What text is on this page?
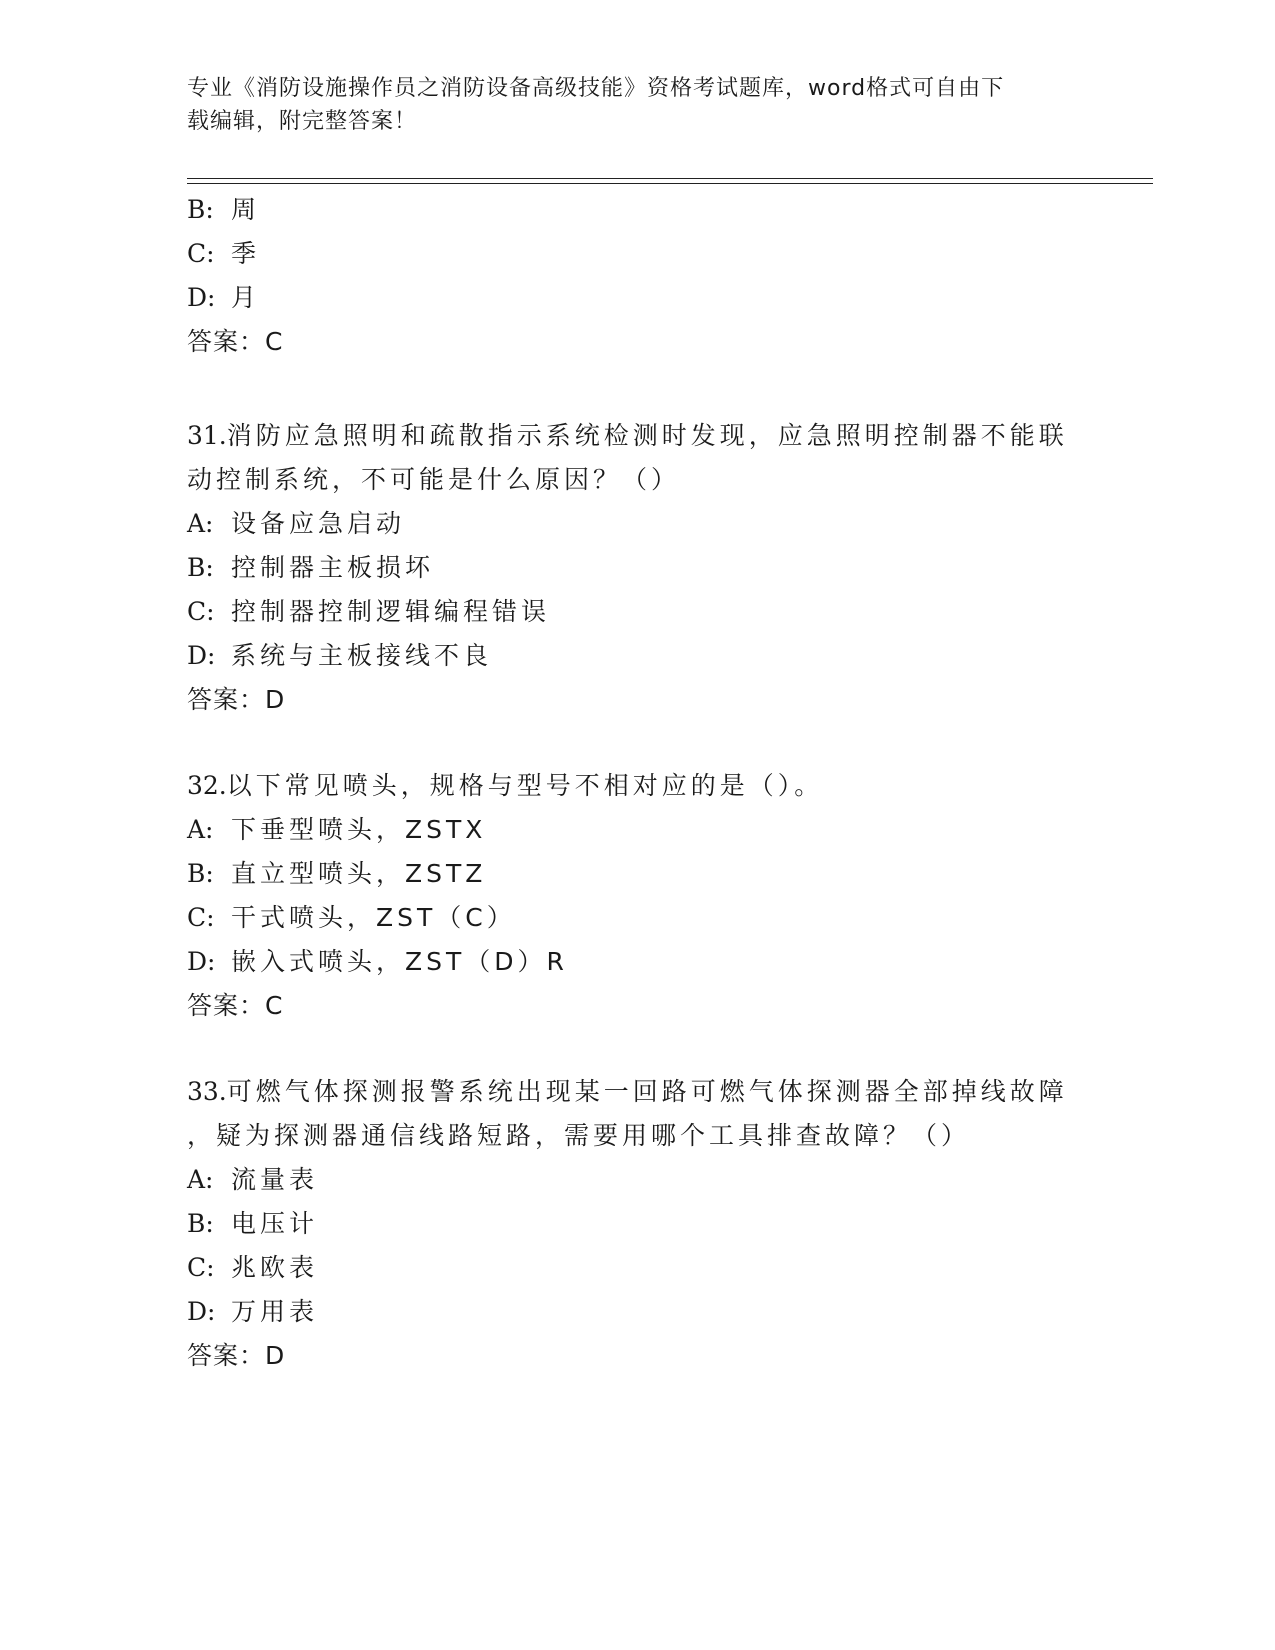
专业《消防设施操作员之消防设备高级技能》资格考试题库，word格式可自由下
载编辑，附完整答案！
B: 周
C: 季
D: 月
答案：C
31.消防应急照明和疏散指示系统检测时发现，应急照明控制器不能联
动控制系统，不可能是什么原因？（）
A: 设备应急启动
B: 控制器主板损坏
C: 控制器控制逻辑编程错误
D: 系统与主板接线不良
答案：D
32.以下常见喷头，规格与型号不相对应的是（）。
A: 下垂型喷头，ZSTX
B: 直立型喷头，ZSTZ
C: 干式喷头，ZST（C）
D: 嵌入式喷头，ZST（D）R
答案：C
33.可燃气体探测报警系统出现某一回路可燃气体探测器全部掉线故障
，疑为探测器通信线路短路，需要用哪个工具排查故障？（）
A: 流量表
B: 电压计
C: 兆欧表
D: 万用表
答案：D
